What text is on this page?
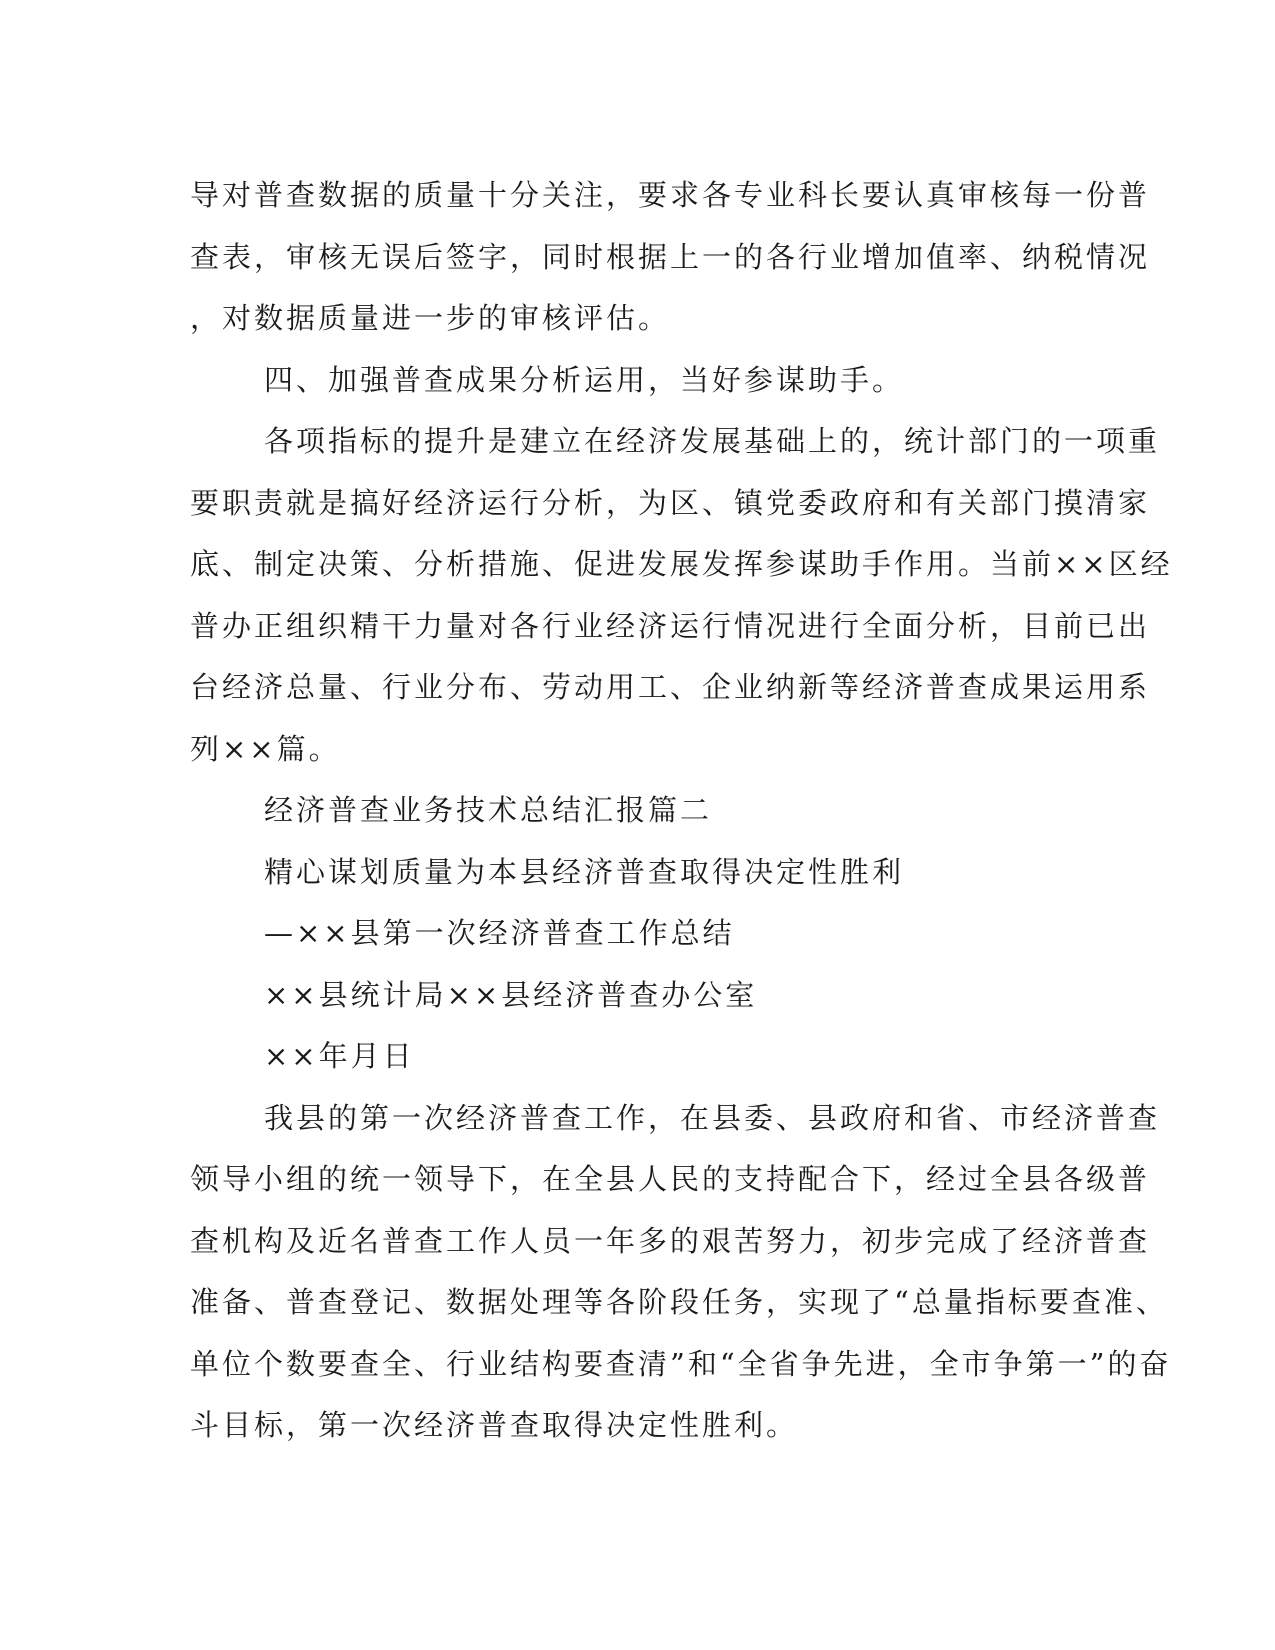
导对普查数据的质量十分关注，要求各专业科长要认真审核每一份普

查表，审核无误后签字，同时根据上一的各行业增加值率、纳税情况

，对数据质量进一步的审核评估。

四、加强普查成果分析运用，当好参谋助手。

各项指标的提升是建立在经济发展基础上的，统计部门的一项重

要职责就是搞好经济运行分析，为区、镇党委政府和有关部门摸清家

底、制定决策、分析措施、促进发展发挥参谋助手作用。当前××区经

普办正组织精干力量对各行业经济运行情况进行全面分析，目前已出

台经济总量、行业分布、劳动用工、企业纳新等经济普查成果运用系

列××篇。

经济普查业务技术总结汇报篇二

精心谋划质量为本县经济普查取得决定性胜利

—××县第一次经济普查工作总结

××县统计局××县经济普查办公室

××年月日

我县的第一次经济普查工作，在县委、县政府和省、市经济普查

领导小组的统一领导下，在全县人民的支持配合下，经过全县各级普

查机构及近名普查工作人员一年多的艰苦努力，初步完成了经济普查

准备、普查登记、数据处理等各阶段任务，实现了“总量指标要查准、

单位个数要查全、行业结构要查清”和“全省争先进，全市争第一”的奋

斗目标，第一次经济普查取得决定性胜利。
